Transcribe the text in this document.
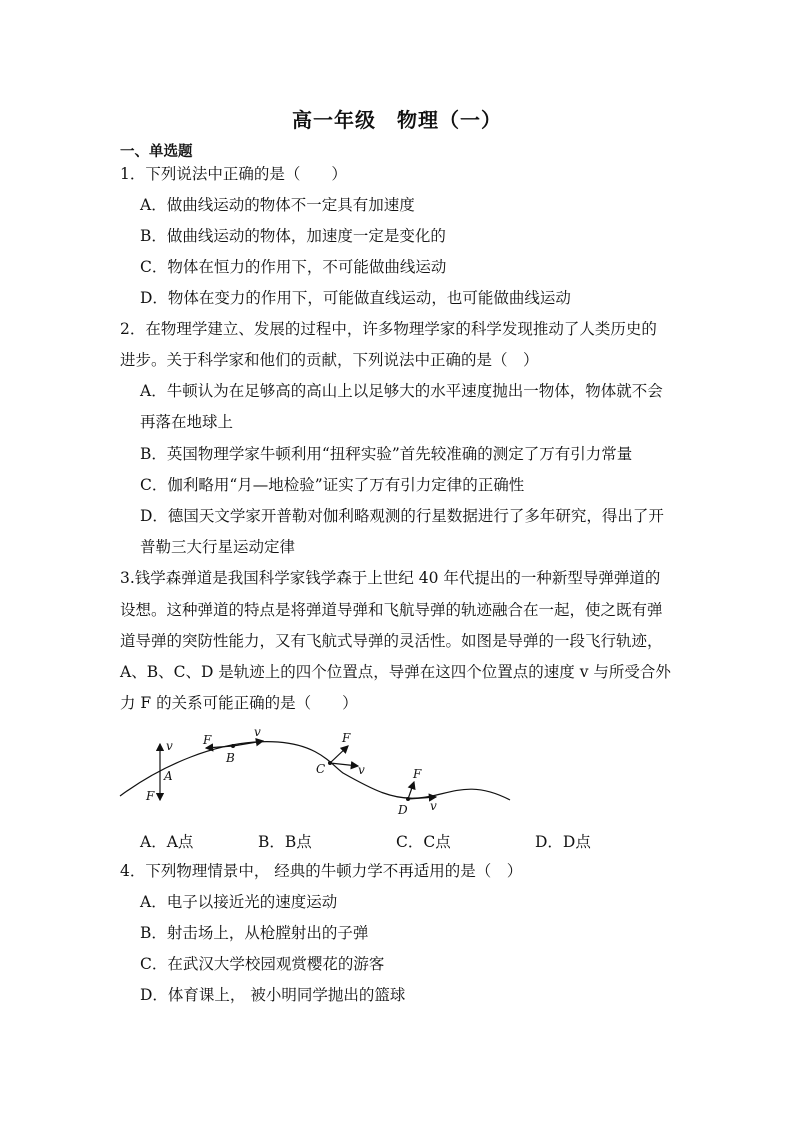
高一年级　物理（一）
一、单选题
1．下列说法中正确的是（　　）
A．做曲线运动的物体不一定具有加速度
B．做曲线运动的物体，加速度一定是变化的
C．物体在恒力的作用下，不可能做曲线运动
D．物体在变力的作用下，可能做直线运动，也可能做曲线运动
2．在物理学建立、发展的过程中，许多物理学家的科学发现推动了人类历史的
进步。关于科学家和他们的贡献，下列说法中正确的是（　）
A．牛顿认为在足够高的高山上以足够大的水平速度抛出一物体，物体就不会
再落在地球上
B．英国物理学家牛顿利用“扭秤实验”首先较准确的测定了万有引力常量
C．伽利略用“月—地检验”证实了万有引力定律的正确性
D．德国天文学家开普勒对伽利略观测的行星数据进行了多年研究，得出了开
普勒三大行星运动定律
3.钱学森弹道是我国科学家钱学森于上世纪 40 年代提出的一种新型导弹弹道的
设想。这种弹道的特点是将弹道导弹和飞航导弹的轨迹融合在一起，使之既有弹
道导弹的突防性能力，又有飞航式导弹的灵活性。如图是导弹的一段飞行轨迹，
A、B、C、D 是轨迹上的四个位置点，导弹在这四个位置点的速度 v 与所受合外
力 F 的关系可能正确的是（　　）
v
A
F
F
v
B
F
v
C	F
v
D
A．A点	B．B点	C．C点	D．D点
4．下列物理情景中， 经典的牛顿力学不再适用的是（　）
A．电子以接近光的速度运动
B．射击场上，从枪膛射出的子弹
C．在武汉大学校园观赏樱花的游客
D．体育课上， 被小明同学抛出的篮球
